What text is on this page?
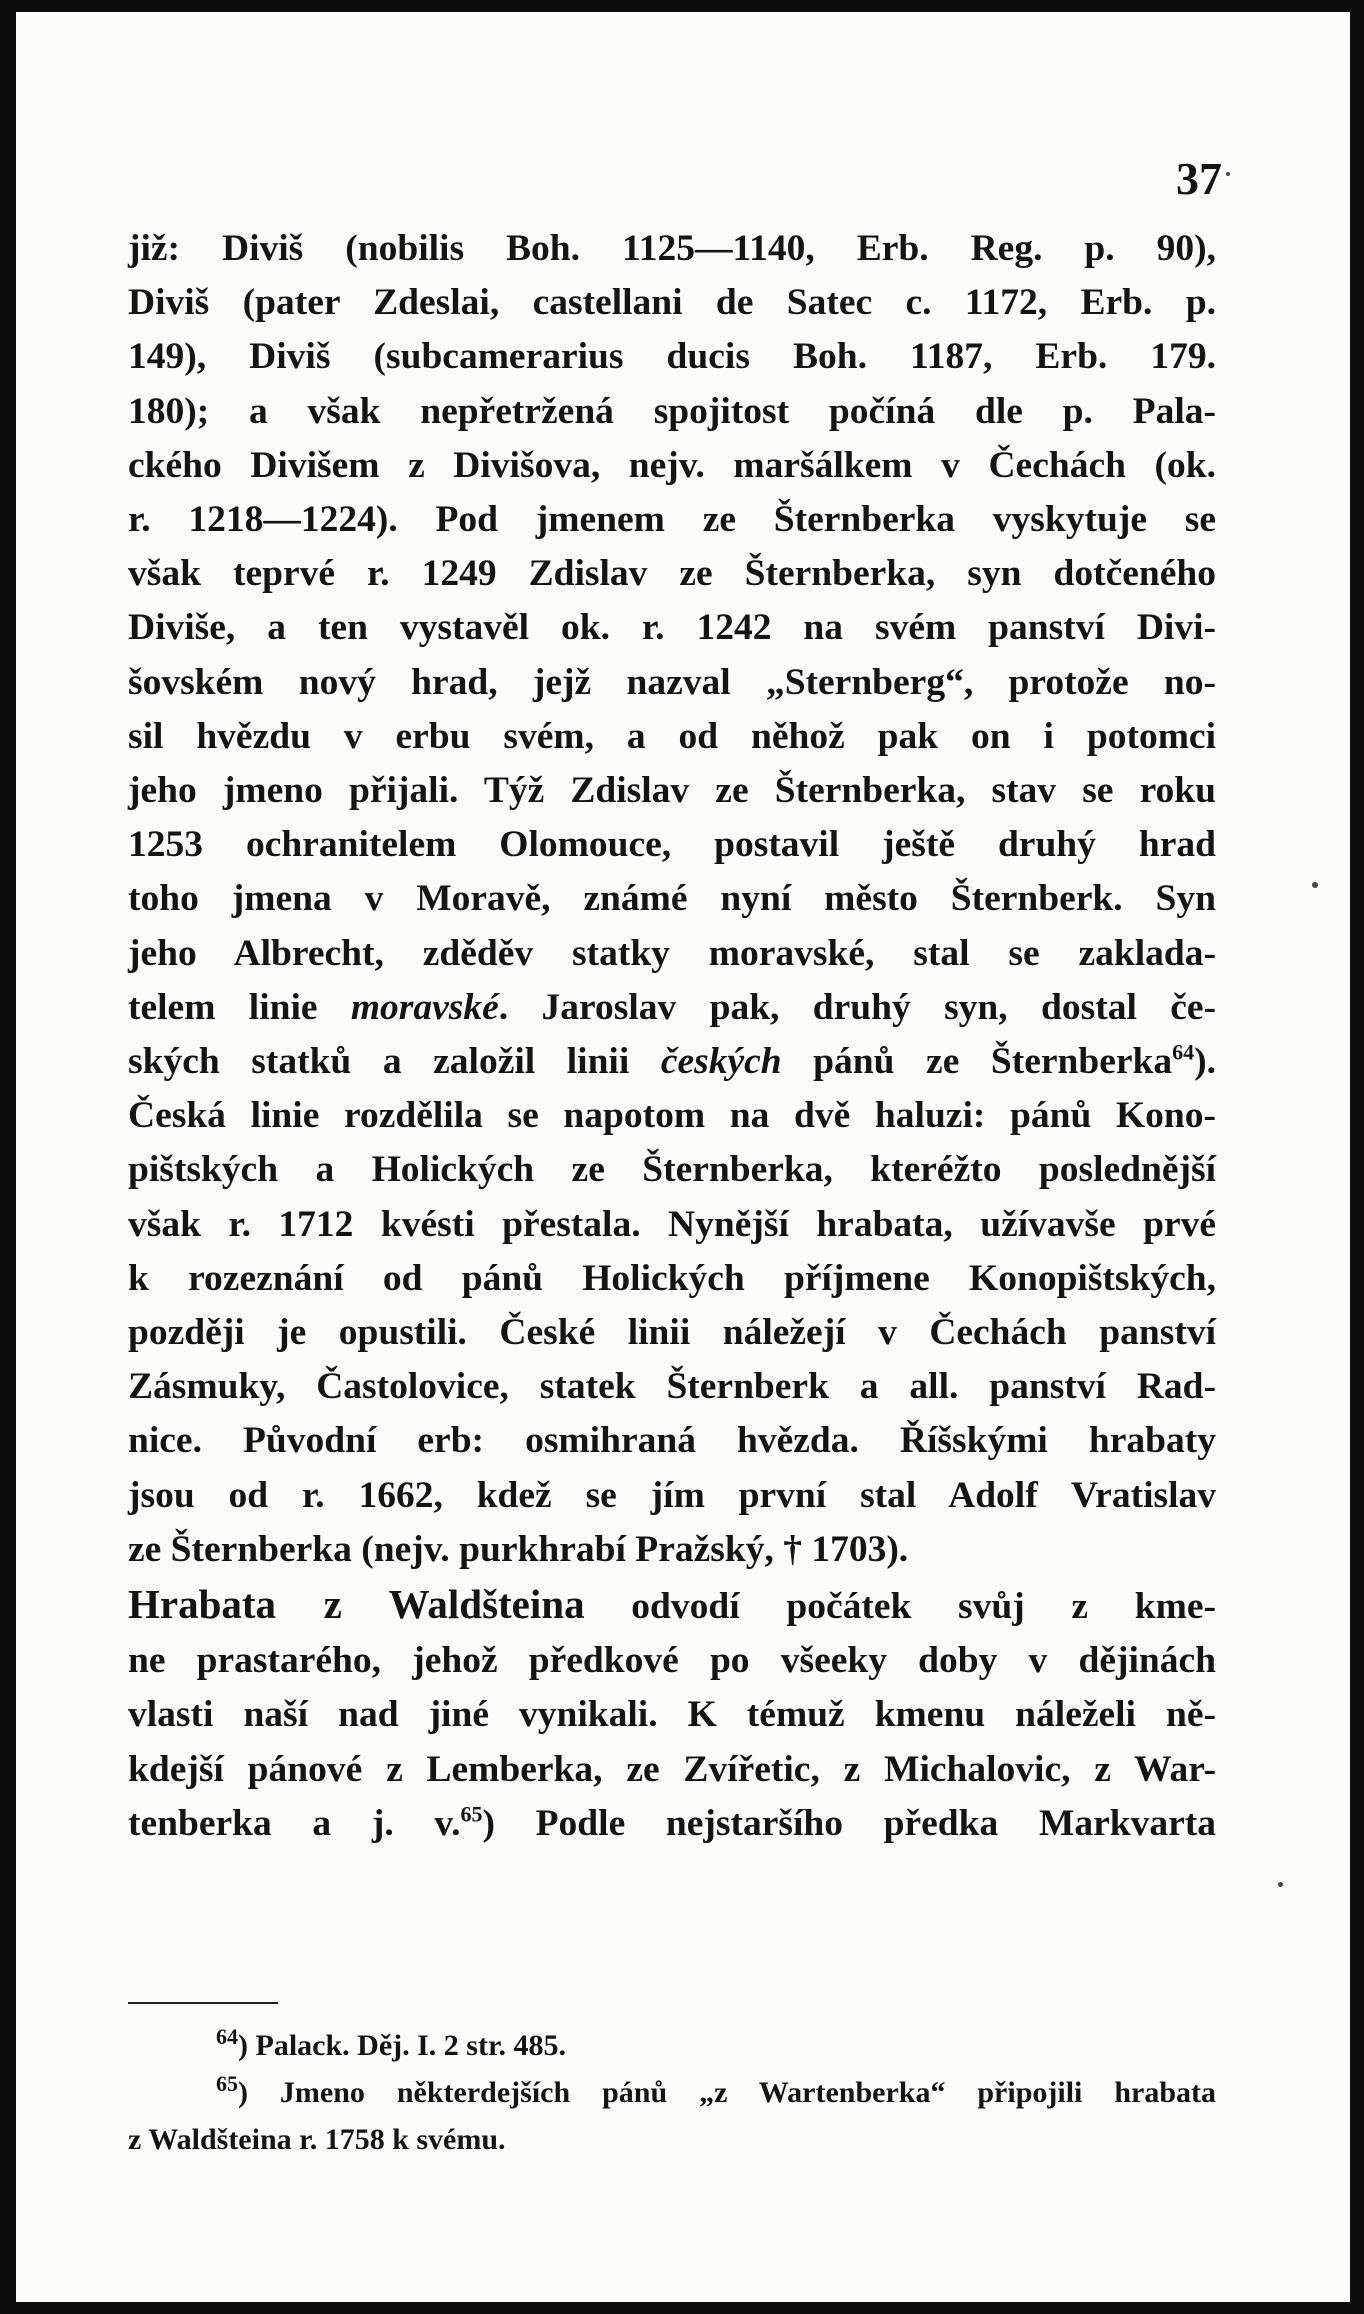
37
již: Diviš (nobilis Boh. 1125—1140, Erb. Reg. p. 90),
Diviš (pater Zdeslai, castellani de Satec c. 1172, Erb. p.
149), Diviš (subcamerarius ducis Boh. 1187, Erb. 179.
180); a však nepřetržená spojitost počíná dle p. Pala-
ckého Divišem z Divišova, nejv. maršálkem v Čechách (ok.
r. 1218—1224). Pod jmenem ze Šternberka vyskytuje se
však teprvé r. 1249 Zdislav ze Šternberka, syn dotčeného
Diviše, a ten vystavěl ok. r. 1242 na svém panství Divi-
šovském nový hrad, jejž nazval „Sternberg“, protože no-
sil hvězdu v erbu svém, a od něhož pak on i potomci
jeho jmeno přijali. Týž Zdislav ze Šternberka, stav se roku
1253 ochranitelem Olomouce, postavil ještě druhý hrad
toho jmena v Moravě, známé nyní město Šternberk. Syn
jeho Albrecht, zděděv statky moravské, stal se zaklada-
telem linie moravské. Jaroslav pak, druhý syn, dostal če-
ských statků a založil linii českých pánů ze Šternberka$^{64}$).
Česká linie rozdělila se napotom na dvě haluzi: pánů Kono-
pištských a Holických ze Šternberka, kteréžto poslednější
však r. 1712 kvésti přestala. Nynější hrabata, užívavše prvé
k rozeznání od pánů Holických příjmene Konopištských,
později je opustili. České linii náležejí v Čechách panství
Zásmuky, Častolovice, statek Šternberk a all. panství Rad-
nice. Původní erb: osmihraná hvězda. Říšskými hrabaty
jsou od r. 1662, kdež se jím první stal Adolf Vratislav
ze Šternberka (nejv. purkhrabí Pražský, † 1703).
Hrabata z Waldšteina odvodí počátek svůj z kme-
ne prastarého, jehož předkové po všeeky doby v dějinách
vlasti naší nad jiné vynikali. K témuž kmenu náleželi ně-
kdejší pánové z Lemberka, ze Zvířetic, z Michalovic, z War-
tenberka a j. v.$^{65}$) Podle nejstaršího předka Markvarta
$^{64}$) Palack. Děj. I. 2 str. 485.
$^{65}$) Jmeno některdejších pánů „z Wartenberka“ připojili hrabata
z Waldšteina r. 1758 k svému.
